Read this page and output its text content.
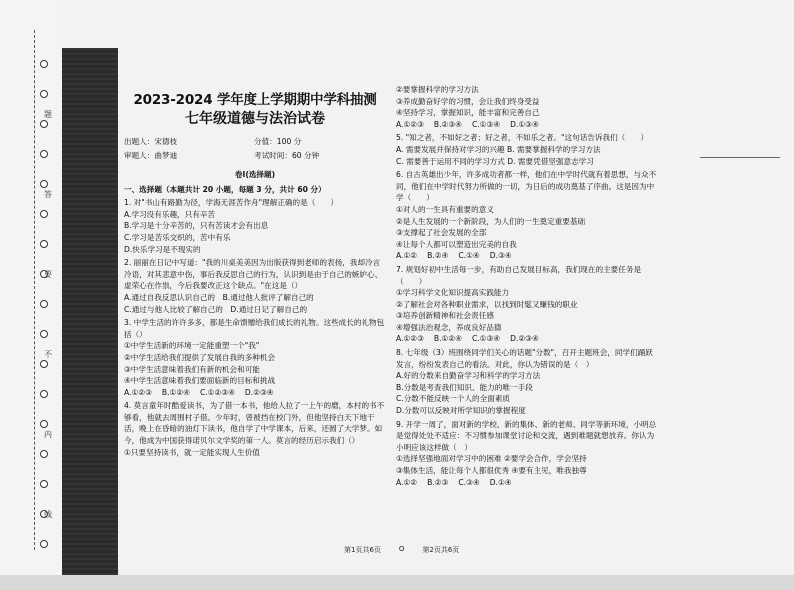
题
答
要
不
内
线

2023-2024 学年度上学期期中学科抽测

七年级道德与法治试卷

出题人：宋德枝	分值：100 分
审题人：曲梦迪	考试时间：60 分钟

卷Ⅰ(选择题)

一、选择题（本题共计 20 小题，每题 3 分，共计 60 分）

1. 对"书山有路勤为径，学海无涯苦作舟"理解正确的是（　　）

A.学习没有乐趣，只有辛苦

B.学习是十分辛苦的，只有苦读才会有出息

C.学习是苦乐交织的，苦中有乐

D.快乐学习是不现实的

2. 丽丽在日记中写道："我的川桌美美因为出版获得到老师的表扬，我却冷言冷语，对其悲意中伤，事后我反思自己的行为，认识到是由于自己的嫉妒心、虚荣心在作祟，今后我要改正这个缺点。"在这是（）

A.通过自我反思认识自己的　B.通过他人批评了解自己的

C.通过与他人比较了解自己的　D.通过日记了解自己的

3. 中学生活的许许多多，都是生命馈赠给我们成长的礼物。这些成长的礼物包括（）

①中学生活新的环境一定能重塑一个"我"

②中学生活给我们提供了发展自我的多种机会

③中学生活意味着我们有新的机会和可能

④中学生活意味着我们要面临新的目标和挑战

A.①②③ B.①②④ C.①②③④ D.②③④

4. 莫言童年时酷爱读书，为了借一本书，他给人拉了一上午的磨，本村的书不够看，他就去周围村子借。少年时，曾被挡在校门外，但他坚持白天下地干活，晚上在昏暗的油灯下读书，他自学了中学课本，后来，还圆了大学梦。如今，他成为中国获得诺贝尔文学奖的第一人。莫言的经历启示我们（）

①只要坚持读书，就一定能实现人生价值

②要掌握科学的学习方法

③养成勤奋好学的习惯，会让我们终身受益

④坚持学习，掌握知识，能丰富和完善自己

A.①②③ B.②③④ C.①③④ D.①③④

5. "知之者，不如好之者；好之者，不如乐之者。"这句话告诉我们（　　）

A. 需要发展并保持对学习的兴趣 B. 需要掌握科学的学习方法

C. 需要善于运用不同的学习方式 D. 需要凭借坚强意志学习

6. 自古英雄出少年，许多成功者都一样，他们在中学时代就有着思想，与众不同，他们在中学时代努力所做的一切，为日后的成功奠基了序曲。这是因为中学（　　）

①对人的一生具有重要的意义

②是人生发展的一个新阶段，为人们的一生奠定重要基础

③支撑起了社会发展的全部

④让每个人都可以塑造出完美的自我

A.①② B.②④ C.①④ D.③④

7. 规划好初中生活每一步，有助自己发展目标高，我们现在的主要任务是（　　）

①学习科学文化知识提高实践能力

②了解社会对各种职业需求，以找到时髦又赚钱的职业

③培养创新精神和社会责任感

④增强法治观念，养成良好品德

A.①②③ B.①②④ C.①③④ D.②③④

8. 七年级（3）班围绕同学们关心的话题"分数"，召开主题班会，同学们踊跃发言，纷纷发表自己的看法。对此，你认为错误的是（　）

A.好的分数来自勤奋学习和科学的学习方法

B.分数是考查我们知识、能力的唯一手段

C.分数不能反映一个人的全面素质

D.分数可以反映对所学知识的掌握程度

9. 开学一周了，面对新的学校、新的集体、新的老师、同学等新环境，小明总是觉得处处不适应：不习惯参加课堂讨论和交流，遇到难题就想放弃。你认为小明应该这样做（　）

①选择坚强地面对学习中的困难 ②要学会合作，学会坚持

③集体生活，能让每个人都很优秀 ④要有主见，唯我独尊

A.①② B.②③ C.③④ D.①④
第1页共6页	O	第2页共6页
